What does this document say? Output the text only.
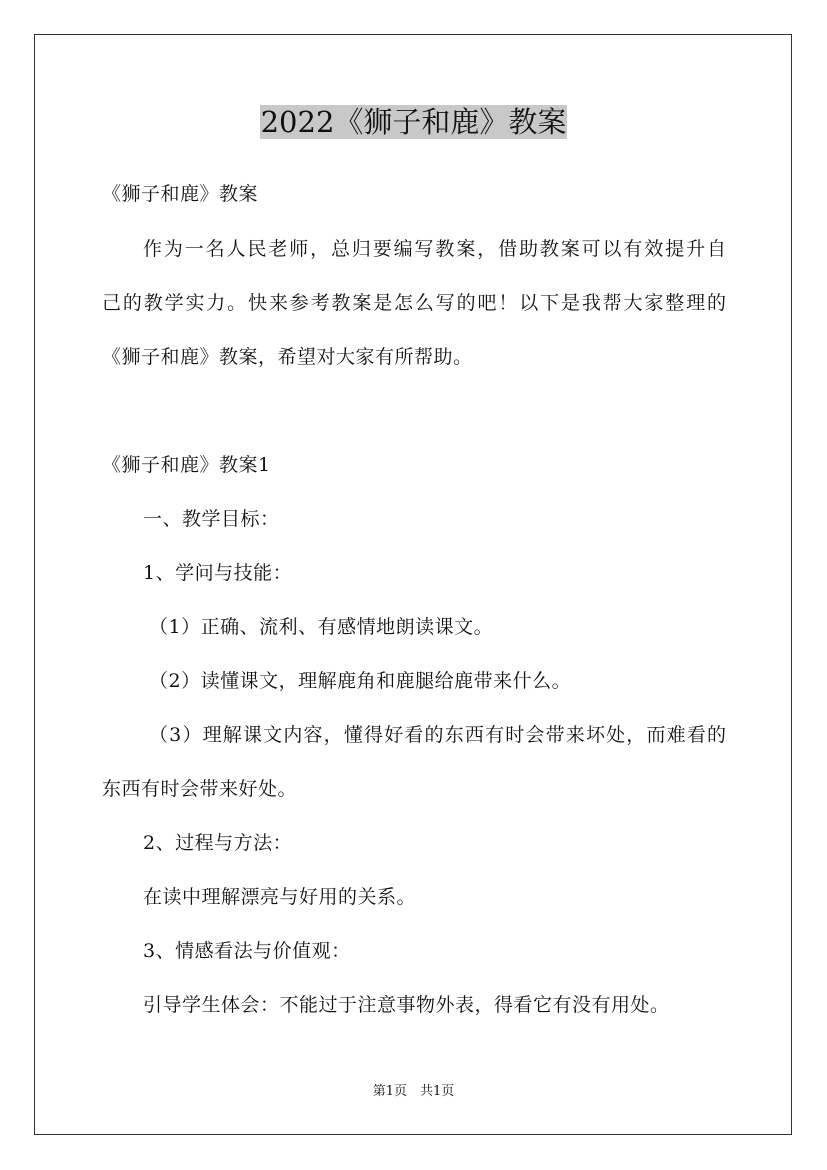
2022《狮子和鹿》教案
《狮子和鹿》教案
作为一名人民老师，总归要编写教案，借助教案可以有效提升自
己的教学实力。快来参考教案是怎么写的吧！以下是我帮大家整理的
《狮子和鹿》教案，希望对大家有所帮助。
《狮子和鹿》教案1
一、教学目标：
1、学问与技能：
（1）正确、流利、有感情地朗读课文。
（2）读懂课文，理解鹿角和鹿腿给鹿带来什么。
（3）理解课文内容，懂得好看的东西有时会带来坏处，而难看的
东西有时会带来好处。
2、过程与方法：
在读中理解漂亮与好用的关系。
3、情感看法与价值观：
引导学生体会：不能过于注意事物外表，得看它有没有用处。
第1页　共1页
